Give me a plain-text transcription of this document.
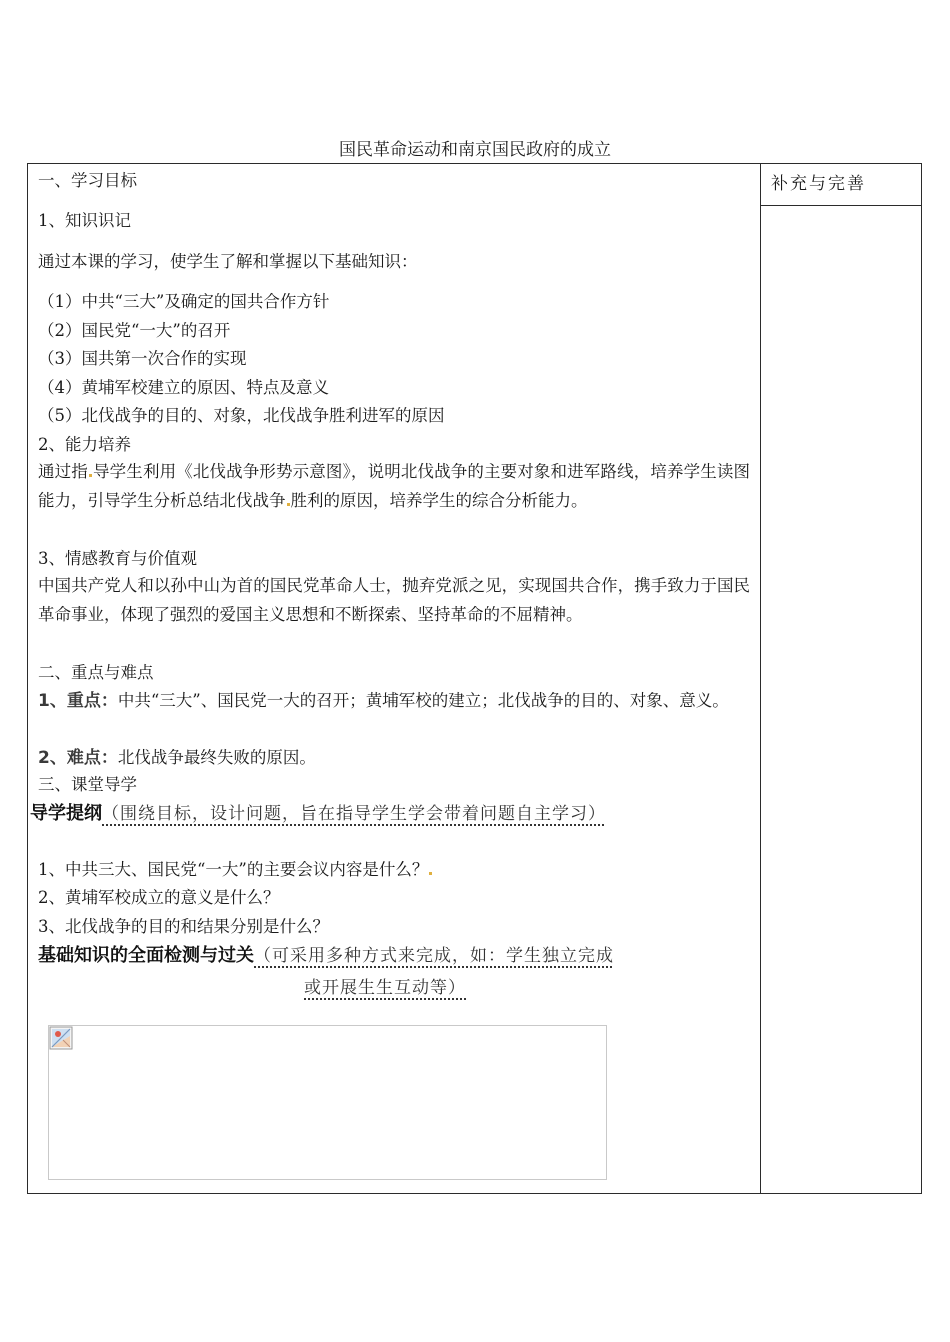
国民革命运动和南京国民政府的成立
补充与完善
一、学习目标
1、知识识记
通过本课的学习，使学生了解和掌握以下基础知识：
（1）中共“三大”及确定的国共合作方针
（2）国民党“一大”的召开
（3）国共第一次合作的实现
（4）黄埔军校建立的原因、特点及意义
（5）北伐战争的目的、对象，北伐战争胜利进军的原因
2、能力培养
通过指 导学生利用《北伐战争形势示意图》，说明北伐战争的主要对象和进军路线，培养学生读图能力，引导学生分析总结北伐战争 胜利的原因，培养学生的综合分析能力。
3、情感教育与价值观
中国共产党人和以孙中山为首的国民党革命人士，抛弃党派之见，实现国共合作，携手致力于国民革命事业，体现了强烈的爱国主义思想和不断探索、坚持革命的不屈精神。
二、重点与难点
1、重点：中共“三大”、国民党一大的召开；黄埔军校的建立；北伐战争的目的、对象、意义。
2、难点：北伐战争最终失败的原因。
三、课堂导学
导学提纲（围绕目标，设计问题，旨在指导学生学会带着问题自主学习）
1、中共三大、国民党“一大”的主要会议内容是什么？
2、黄埔军校成立的意义是什么？
3、北伐战争的目的和结果分别是什么？
基础知识的全面检测与过关（可采用多种方式来完成，如：学生独立完成
或开展生生互动等）
